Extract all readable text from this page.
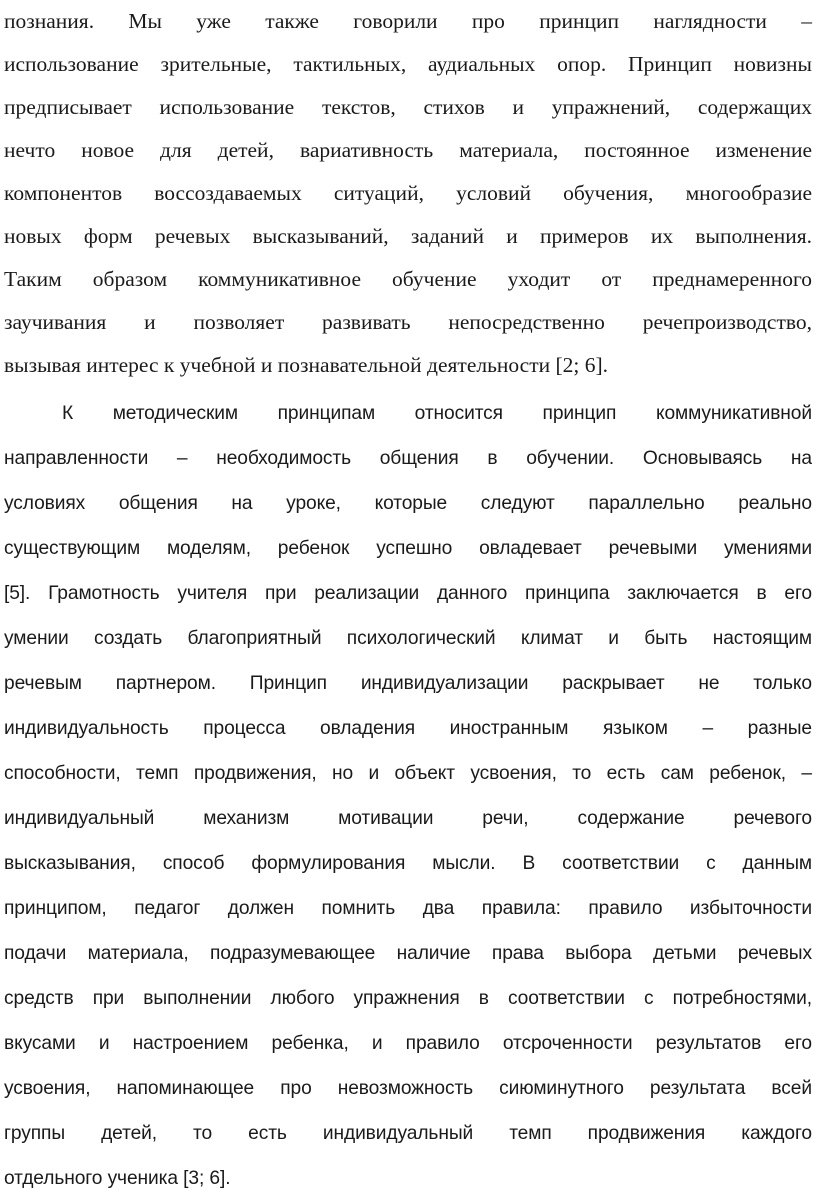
познания. Мы уже также говорили про принцип наглядности –
использование зрительные, тактильных, аудиальных опор. Принцип новизны
предписывает использование текстов, стихов и упражнений, содержащих
нечто новое для детей, вариативность материала, постоянное изменение
компонентов воссоздаваемых ситуаций, условий обучения, многообразие
новых форм речевых высказываний, заданий и примеров их выполнения.
Таким образом коммуникативное обучение уходит от преднамеренного
заучивания и позволяет развивать непосредственно речепроизводство,
вызывая интерес к учебной и познавательной деятельности [2; 6].
К методическим принципам относится принцип коммуникативной
направленности – необходимость общения в обучении. Основываясь на
условиях общения на уроке, которые следуют параллельно реально
существующим моделям, ребенок успешно овладевает речевыми умениями
[5]. Грамотность учителя при реализации данного принципа заключается в его
умении создать благоприятный психологический климат и быть настоящим
речевым партнером. Принцип индивидуализации раскрывает не только
индивидуальность процесса овладения иностранным языком – разные
способности, темп продвижения, но и объект усвоения, то есть сам ребенок, –
индивидуальный механизм мотивации речи, содержание речевого
высказывания, способ формулирования мысли. В соответствии с данным
принципом, педагог должен помнить два правила: правило избыточности
подачи материала, подразумевающее наличие права выбора детьми речевых
средств при выполнении любого упражнения в соответствии с потребностями,
вкусами и настроением ребенка, и правило отсроченности результатов его
усвоения, напоминающее про невозможность сиюминутного результата всей
группы детей, то есть индивидуальный темп продвижения каждого
отдельного ученика [3; 6].
